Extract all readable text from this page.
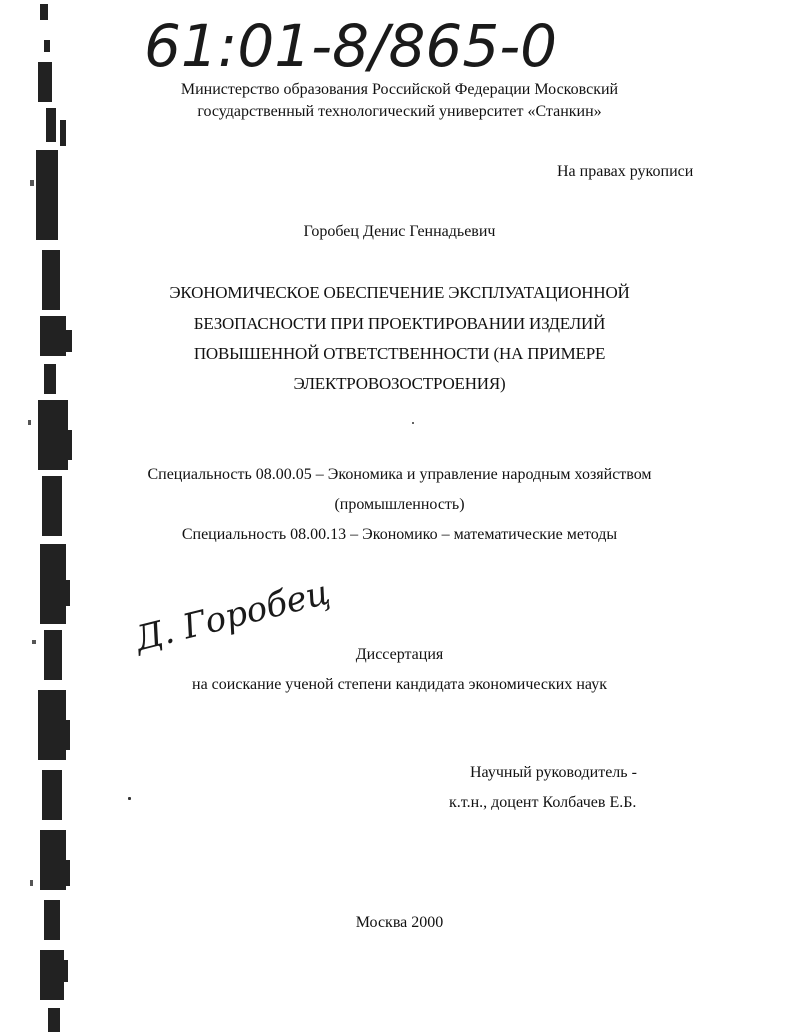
61:01-8/865-0
Министерство образования Российской Федерации Московский
государственный технологический университет «Станкин»
На правах рукописи
Горобец Денис Геннадьевич
ЭКОНОМИЧЕСКОЕ ОБЕСПЕЧЕНИЕ ЭКСПЛУАТАЦИОННОЙ
БЕЗОПАСНОСТИ ПРИ ПРОЕКТИРОВАНИИ ИЗДЕЛИЙ
ПОВЫШЕННОЙ ОТВЕТСТВЕННОСТИ (НА ПРИМЕРЕ
ЭЛЕКТРОВОЗОСТРОЕНИЯ)
Специальность 08.00.05 – Экономика и управление народным хозяйством
(промышленность)
Специальность 08.00.13 – Экономико – математические методы
Д. Горобец	Диссертация
на соискание ученой степени кандидата экономических наук
Научный руководитель -
к.т.н., доцент Колбачев Е.Б.
Москва 2000
